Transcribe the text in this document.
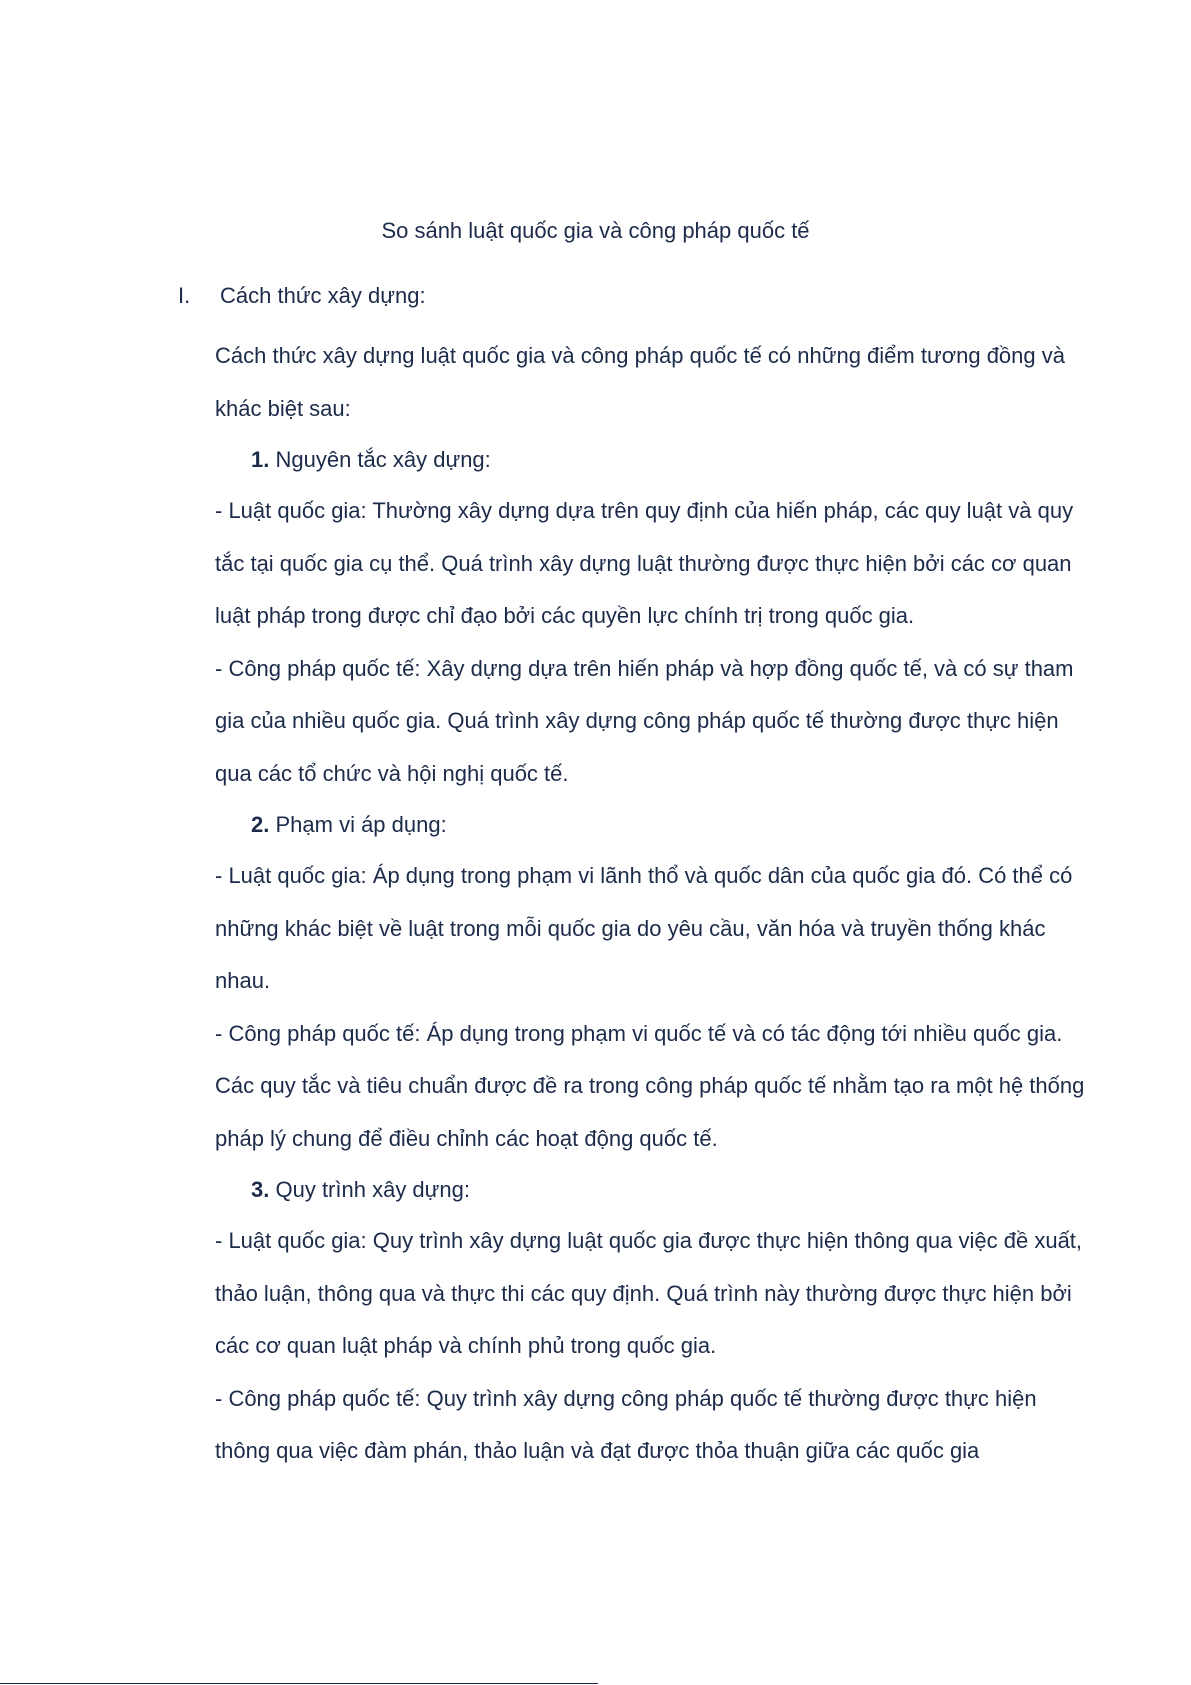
So sánh luật quốc gia và công pháp quốc tế
I. Cách thức xây dựng:

Cách thức xây dựng luật quốc gia và công pháp quốc tế có những điểm tương đồng và khác biệt sau:

1. Nguyên tắc xây dựng:

- Luật quốc gia: Thường xây dựng dựa trên quy định của hiến pháp, các quy luật và quy tắc tại quốc gia cụ thể. Quá trình xây dựng luật thường được thực hiện bởi các cơ quan luật pháp trong được chỉ đạo bởi các quyền lực chính trị trong quốc gia.

- Công pháp quốc tế: Xây dựng dựa trên hiến pháp và hợp đồng quốc tế, và có sự tham gia của nhiều quốc gia. Quá trình xây dựng công pháp quốc tế thường được thực hiện qua các tổ chức và hội nghị quốc tế.

2. Phạm vi áp dụng:

- Luật quốc gia: Áp dụng trong phạm vi lãnh thổ và quốc dân của quốc gia đó. Có thể có những khác biệt về luật trong mỗi quốc gia do yêu cầu, văn hóa và truyền thống khác nhau.

- Công pháp quốc tế: Áp dụng trong phạm vi quốc tế và có tác động tới nhiều quốc gia. Các quy tắc và tiêu chuẩn được đề ra trong công pháp quốc tế nhằm tạo ra một hệ thống pháp lý chung để điều chỉnh các hoạt động quốc tế.

3. Quy trình xây dựng:

- Luật quốc gia: Quy trình xây dựng luật quốc gia được thực hiện thông qua việc đề xuất, thảo luận, thông qua và thực thi các quy định. Quá trình này thường được thực hiện bởi các cơ quan luật pháp và chính phủ trong quốc gia.

- Công pháp quốc tế: Quy trình xây dựng công pháp quốc tế thường được thực hiện thông qua việc đàm phán, thảo luận và đạt được thỏa thuận giữa các quốc gia
